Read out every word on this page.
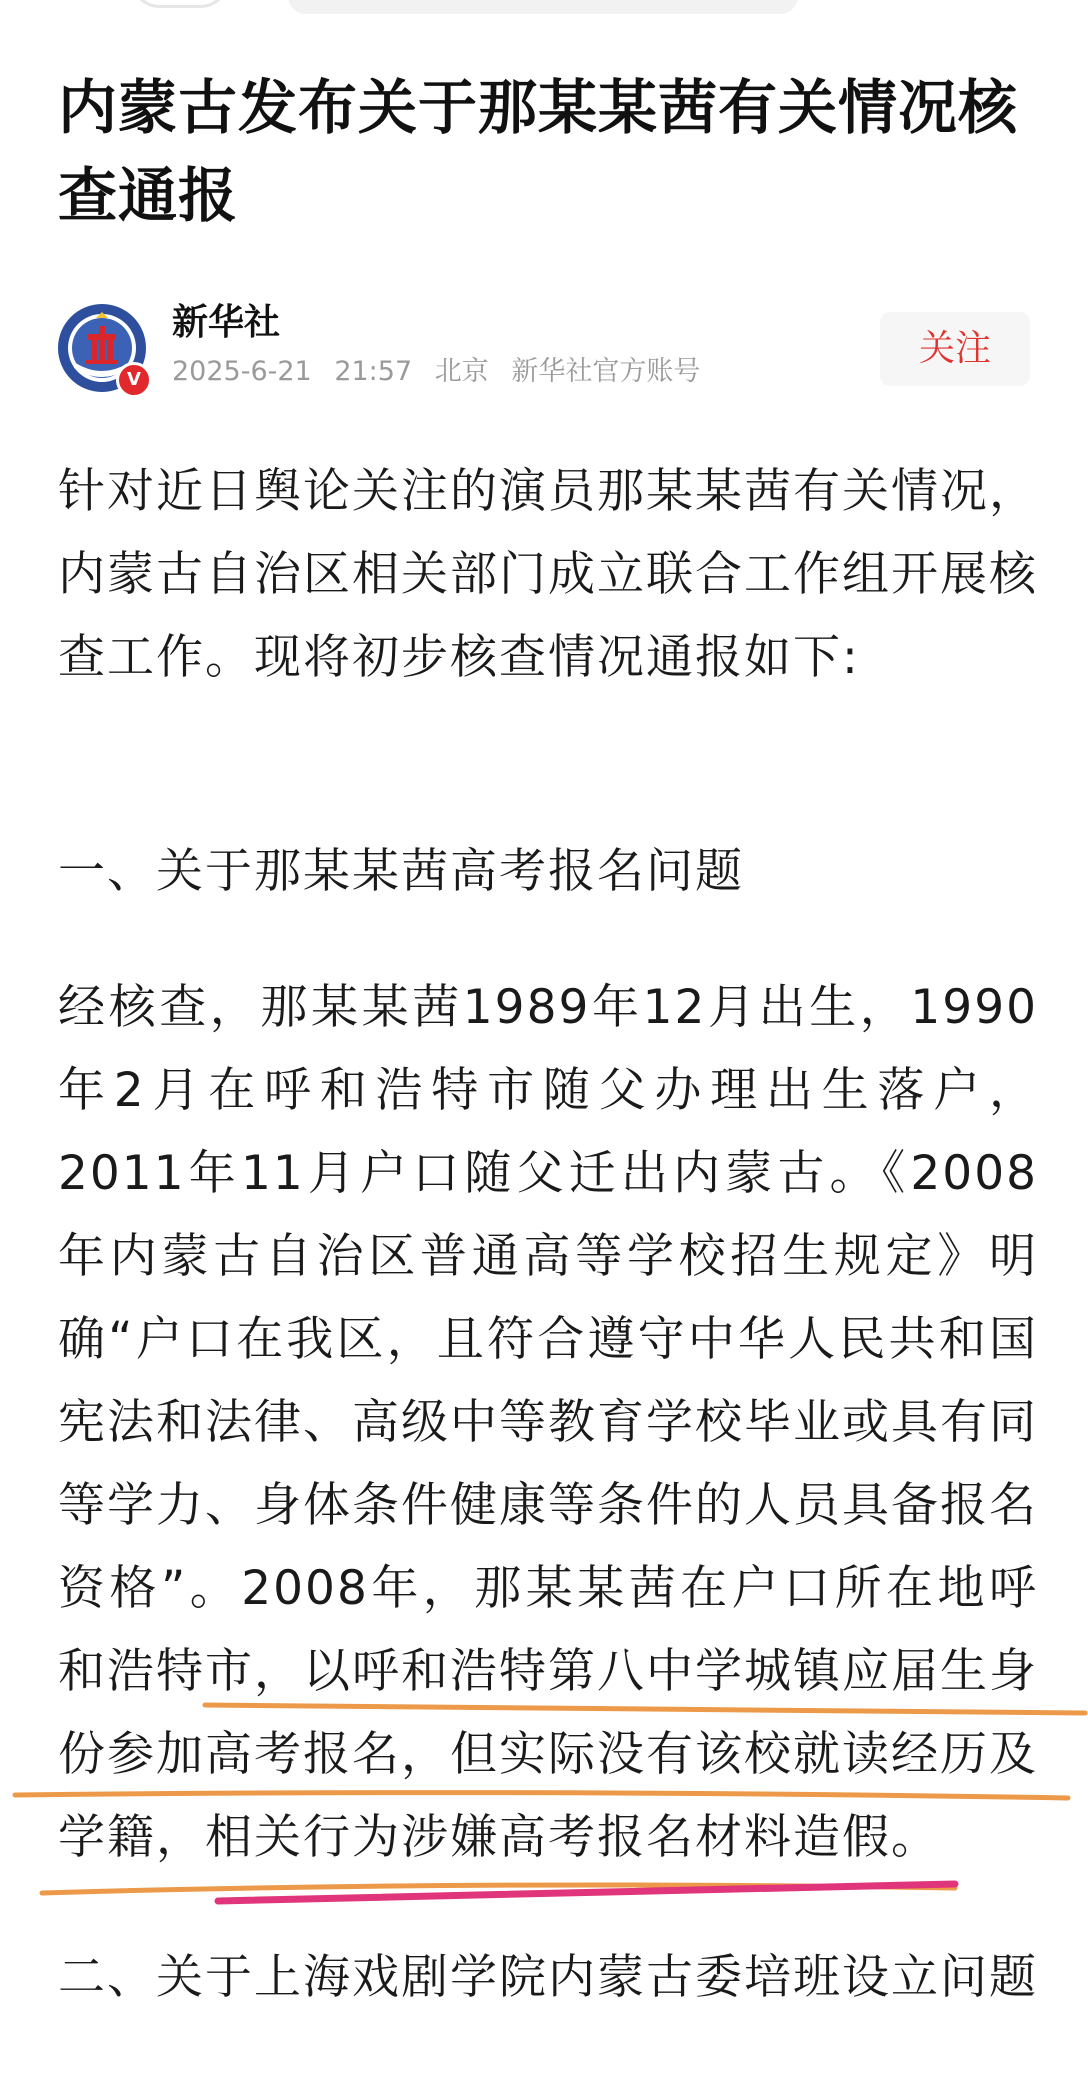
内蒙古发布关于那某某茜有关情况核查通报
V
新华社
2025-6-21 21:57 北京 新华社官方账号
关注

针对近日舆论关注的演员那某某茜有关情况，内蒙古自治区相关部门成立联合工作组开展核查工作。现将初步核查情况通报如下:

一、关于那某某茜高考报名问题

经核查，那某某茜1989年12月出生，1990年2月在呼和浩特市随父办理出生落户，2011年11月户口随父迁出内蒙古。《2008年内蒙古自治区普通高等学校招生规定》明确“户口在我区，且符合遵守中华人民共和国宪法和法律、高级中等教育学校毕业或具有同等学力、身体条件健康等条件的人员具备报名资格”。2008年，那某某茜在户口所在地呼和浩特市，以呼和浩特第八中学城镇应届生身份参加高考报名，但实际没有该校就读经历及学籍，相关行为涉嫌高考报名材料造假。

二、关于上海戏剧学院内蒙古委培班设立问题
